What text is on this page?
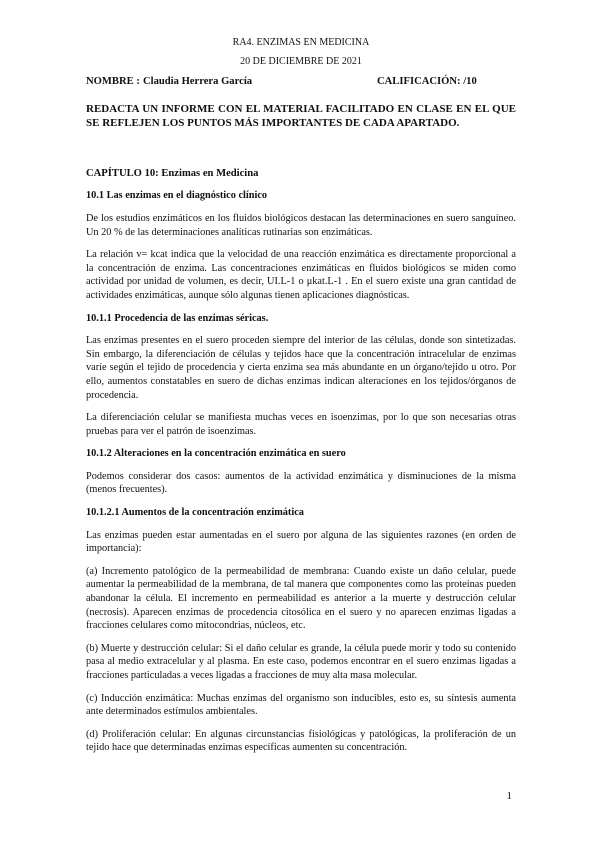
RA4. ENZIMAS EN MEDICINA

20 DE DICIEMBRE DE 2021

NOMBRE : Claudia Herrera García	CALIFICACIÓN: /10

REDACTA UN INFORME CON EL MATERIAL FACILITADO EN CLASE EN EL QUE SE REFLEJEN LOS PUNTOS MÁS IMPORTANTES DE CADA APARTADO.

CAPÍTULO 10: Enzimas en Medicina

10.1 Las enzimas en el diagnóstico clínico

De los estudios enzimáticos en los fluidos biológicos destacan las determinaciones en suero sanguíneo. Un 20 % de las determinaciones analíticas rutinarias son enzimáticas.

La relación v= kcat indica que la velocidad de una reacción enzimática es directamente proporcional a la concentración de enzima. Las concentraciones enzimáticas en fluidos biológicos se miden como actividad por unidad de volumen, es decir, UI.L-1 o μkat.L-1 . En el suero existe una gran cantidad de actividades enzimáticas, aunque sólo algunas tienen aplicaciones diagnósticas.

10.1.1 Procedencia de las enzimas séricas.

Las enzimas presentes en el suero proceden siempre del interior de las células, donde son sintetizadas. Sin embargo, la diferenciación de células y tejidos hace que la concentración intracelular de enzimas varíe según el tejido de procedencia y cierta enzima sea más abundante en un órgano/tejido u otro. Por ello, aumentos constatables en suero de dichas enzimas indican alteraciones en los tejidos/órganos de procedencia.

La diferenciación celular se manifiesta muchas veces en isoenzimas, por lo que son necesarias otras pruebas para ver el patrón de isoenzimas.

10.1.2 Alteraciones en la concentración enzimática en suero

Podemos considerar dos casos: aumentos de la actividad enzimática y disminuciones de la misma (menos frecuentes).

10.1.2.1 Aumentos de la concentración enzimática

Las enzimas pueden estar aumentadas en el suero por alguna de las siguientes razones (en orden de importancia):

(a) Incremento patológico de la permeabilidad de membrana: Cuando existe un daño celular, puede aumentar la permeabilidad de la membrana, de tal manera que componentes como las proteínas pueden abandonar la célula. El incremento en permeabilidad es anterior a la muerte y destrucción celular (necrosis). Aparecen enzimas de procedencia citosólica en el suero y no aparecen enzimas ligadas a fracciones celulares como mitocondrias, núcleos, etc.

(b) Muerte y destrucción celular: Si el daño celular es grande, la célula puede morir y todo su contenido pasa al medio extracelular y al plasma. En este caso, podemos encontrar en el suero enzimas ligadas a fracciones particuladas a veces ligadas a fracciones de muy alta masa molecular.

(c) Inducción enzimática: Muchas enzimas del organismo son inducibles, esto es, su síntesis aumenta ante determinados estímulos ambientales.

(d) Proliferación celular: En algunas circunstancias fisiológicas y patológicas, la proliferación de un tejido hace que determinadas enzimas específicas aumenten su concentración.

1
